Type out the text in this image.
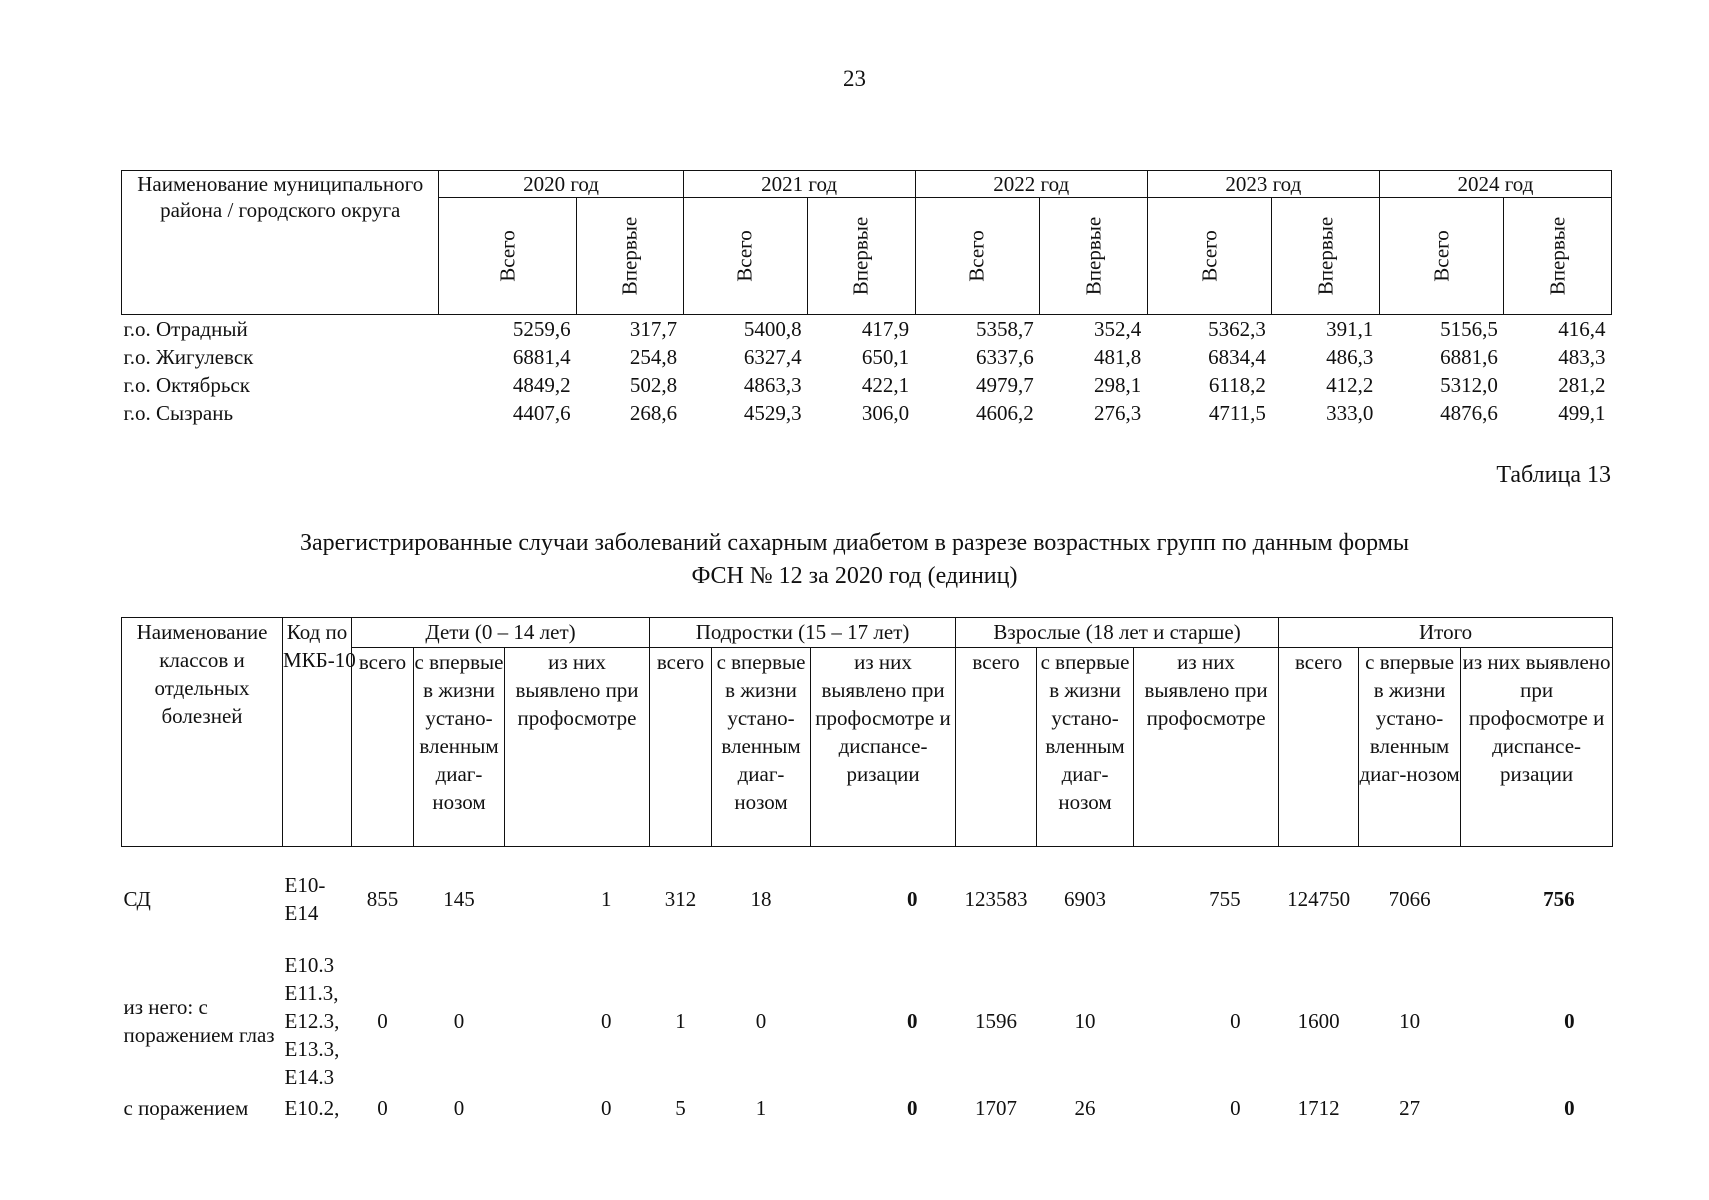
23
Наименование муниципального района / городского округа	2020 год		2021 год		2022 год		2023 год		2024 год	

	Всего	Впервые	Всего	Впервые	Всего	Впервые	Всего	Впервые	Всего	Впервые

г.о. Отрадный	5259,6	317,7	5400,8	417,9	5358,7	352,4	5362,3	391,1	5156,5	416,4
г.о. Жигулевск	6881,4	254,8	6327,4	650,1	6337,6	481,8	6834,4	486,3	6881,6	483,3
г.о. Октябрьск	4849,2	502,8	4863,3	422,1	4979,7	298,1	6118,2	412,2	5312,0	281,2
г.о. Сызрань	4407,6	268,6	4529,3	306,0	4606,2	276,3	4711,5	333,0	4876,6	499,1
Таблица 13
Зарегистрированные случаи заболеваний сахарным диабетом в разрезе возрастных групп по данным формы
ФСН № 12 за 2020 год (единиц)
Наименование классов и отдельных болезней	Код по МКБ-10	Дети (0 – 14 лет)			Подростки (15 – 17 лет)			Взрослые (18 лет и старше)			Итого		
		всего	с впервые в жизни устано-вленным диаг-нозом	из них выявлено при профосмотре	всего	с впервые в жизни устано-вленным диаг-нозом	из них выявлено при профосмотре и диспансе-ризации	всего	с впервые в жизни устано-вленным диаг-нозом	из них выявлено при профосмотре	всего	с впервые в жизни устано-вленным диаг-нозом	из них выявлено при профосмотре и диспансе-ризации

СД	E10-E14	855	145	1	312	18	0	123583	6903	755	124750	7066	756

из него: с поражением глаз	E10.3 E11.3, E12.3, E13.3, E14.3	0	0	0	1	0	0	1596	10	0	1600	10	0
с поражением	E10.2,	0	0	0	5	1	0	1707	26	0	1712	27	0
